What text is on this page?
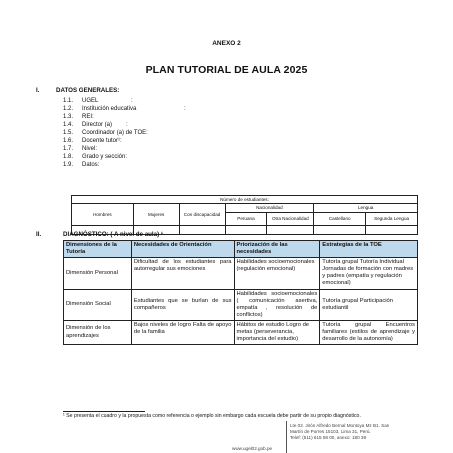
ANEXO 2
PLAN TUTORIAL DE AULA 2025
I.	DATOS GENERALES:
1.1. UGEL	:
1.2. Institución educativa	:
1.3. REI:
1.4. Director (a) :
1.5. Coordinador (a) de TOE:
1.6. Docente tutor¹:
1.7. Nivel:
1.8. Grado y sección:
1.9. Datos:
Número de estudiantes:						
Hombres	Mujeres	Con discapacidad	Nacionalidad		Lengua	
			Peruana	Otra Nacionalidad	Castellano	Segunda Lengua

II.	DIAGNÓSTICO: ( A nivel de aula) ¹
Dimensiones de la Tutoría	Necesidades de Orientación	Priorización de las necesidades	Estrategias de la TOE
Dimensión Personal	Dificultad de los estudiantes para autorregular sus emociones	Habilidades socioemocionales (regulación emocional)	Tutoría grupal Tutoría Individual Jornadas de formación con madres y padres (empatía y regulación emocional)
Dimensión Social	Estudiantes que se burlan de sus compañeros	Habilidades socioemocionales ( comunicación asertiva, empatía , resolución de conflictos)	Tutoría grupal Participación estudiantil
Dimensión de los aprendizajes	Bajos niveles de logro Falta de apoyo de la familia	Hábitos de estudio Logro de metas (perseverancia, importancia del estudio)	Tutoría grupal Encuentros familiares (estilos de aprendizaje y desarrollo de la autonomía)
¹ Se presenta el cuadro y la propuesta como referencia o ejemplo sin embargo cada escuela debe partir de su propio diagnóstico.
www.ugel02.gob.pe
Lte 02. Jirón Alfredo Bernal Montoya Mz B1. San
Martín de Porres 15103, Lima 31, Perú.
Telef: (511) 615 58 00, anexo: 180 39
